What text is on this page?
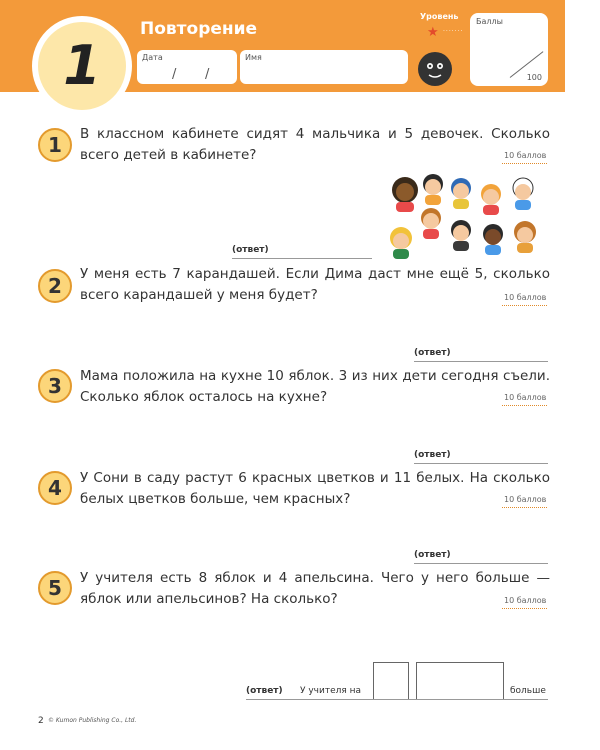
1
Повторение
Дата
/ /
Имя
Уровень
★ ·······
Баллы
100
1 В классном кабинете сидят 4 мальчика и 5 девочек. Сколько всего детей в кабинете?	10 баллов
(ответ)
2 У меня есть 7 карандашей. Если Дима даст мне ещё 5, сколько всего карандашей у меня будет?	10 баллов
(ответ)
3 Мама положила на кухне 10 яблок. 3 из них дети сегодня съели. Сколько яблок осталось на кухне?	10 баллов
(ответ)
4 У Сони в саду растут 6 красных цветков и 11 белых. На сколько белых цветков больше, чем красных?	10 баллов
(ответ)
5 У учителя есть 8 яблок и 4 апельсина. Чего у него больше — яблок или апельсинов? На сколько?	10 баллов
(ответ) У учителя на	больше
2 © Kumon Publishing Co., Ltd.
